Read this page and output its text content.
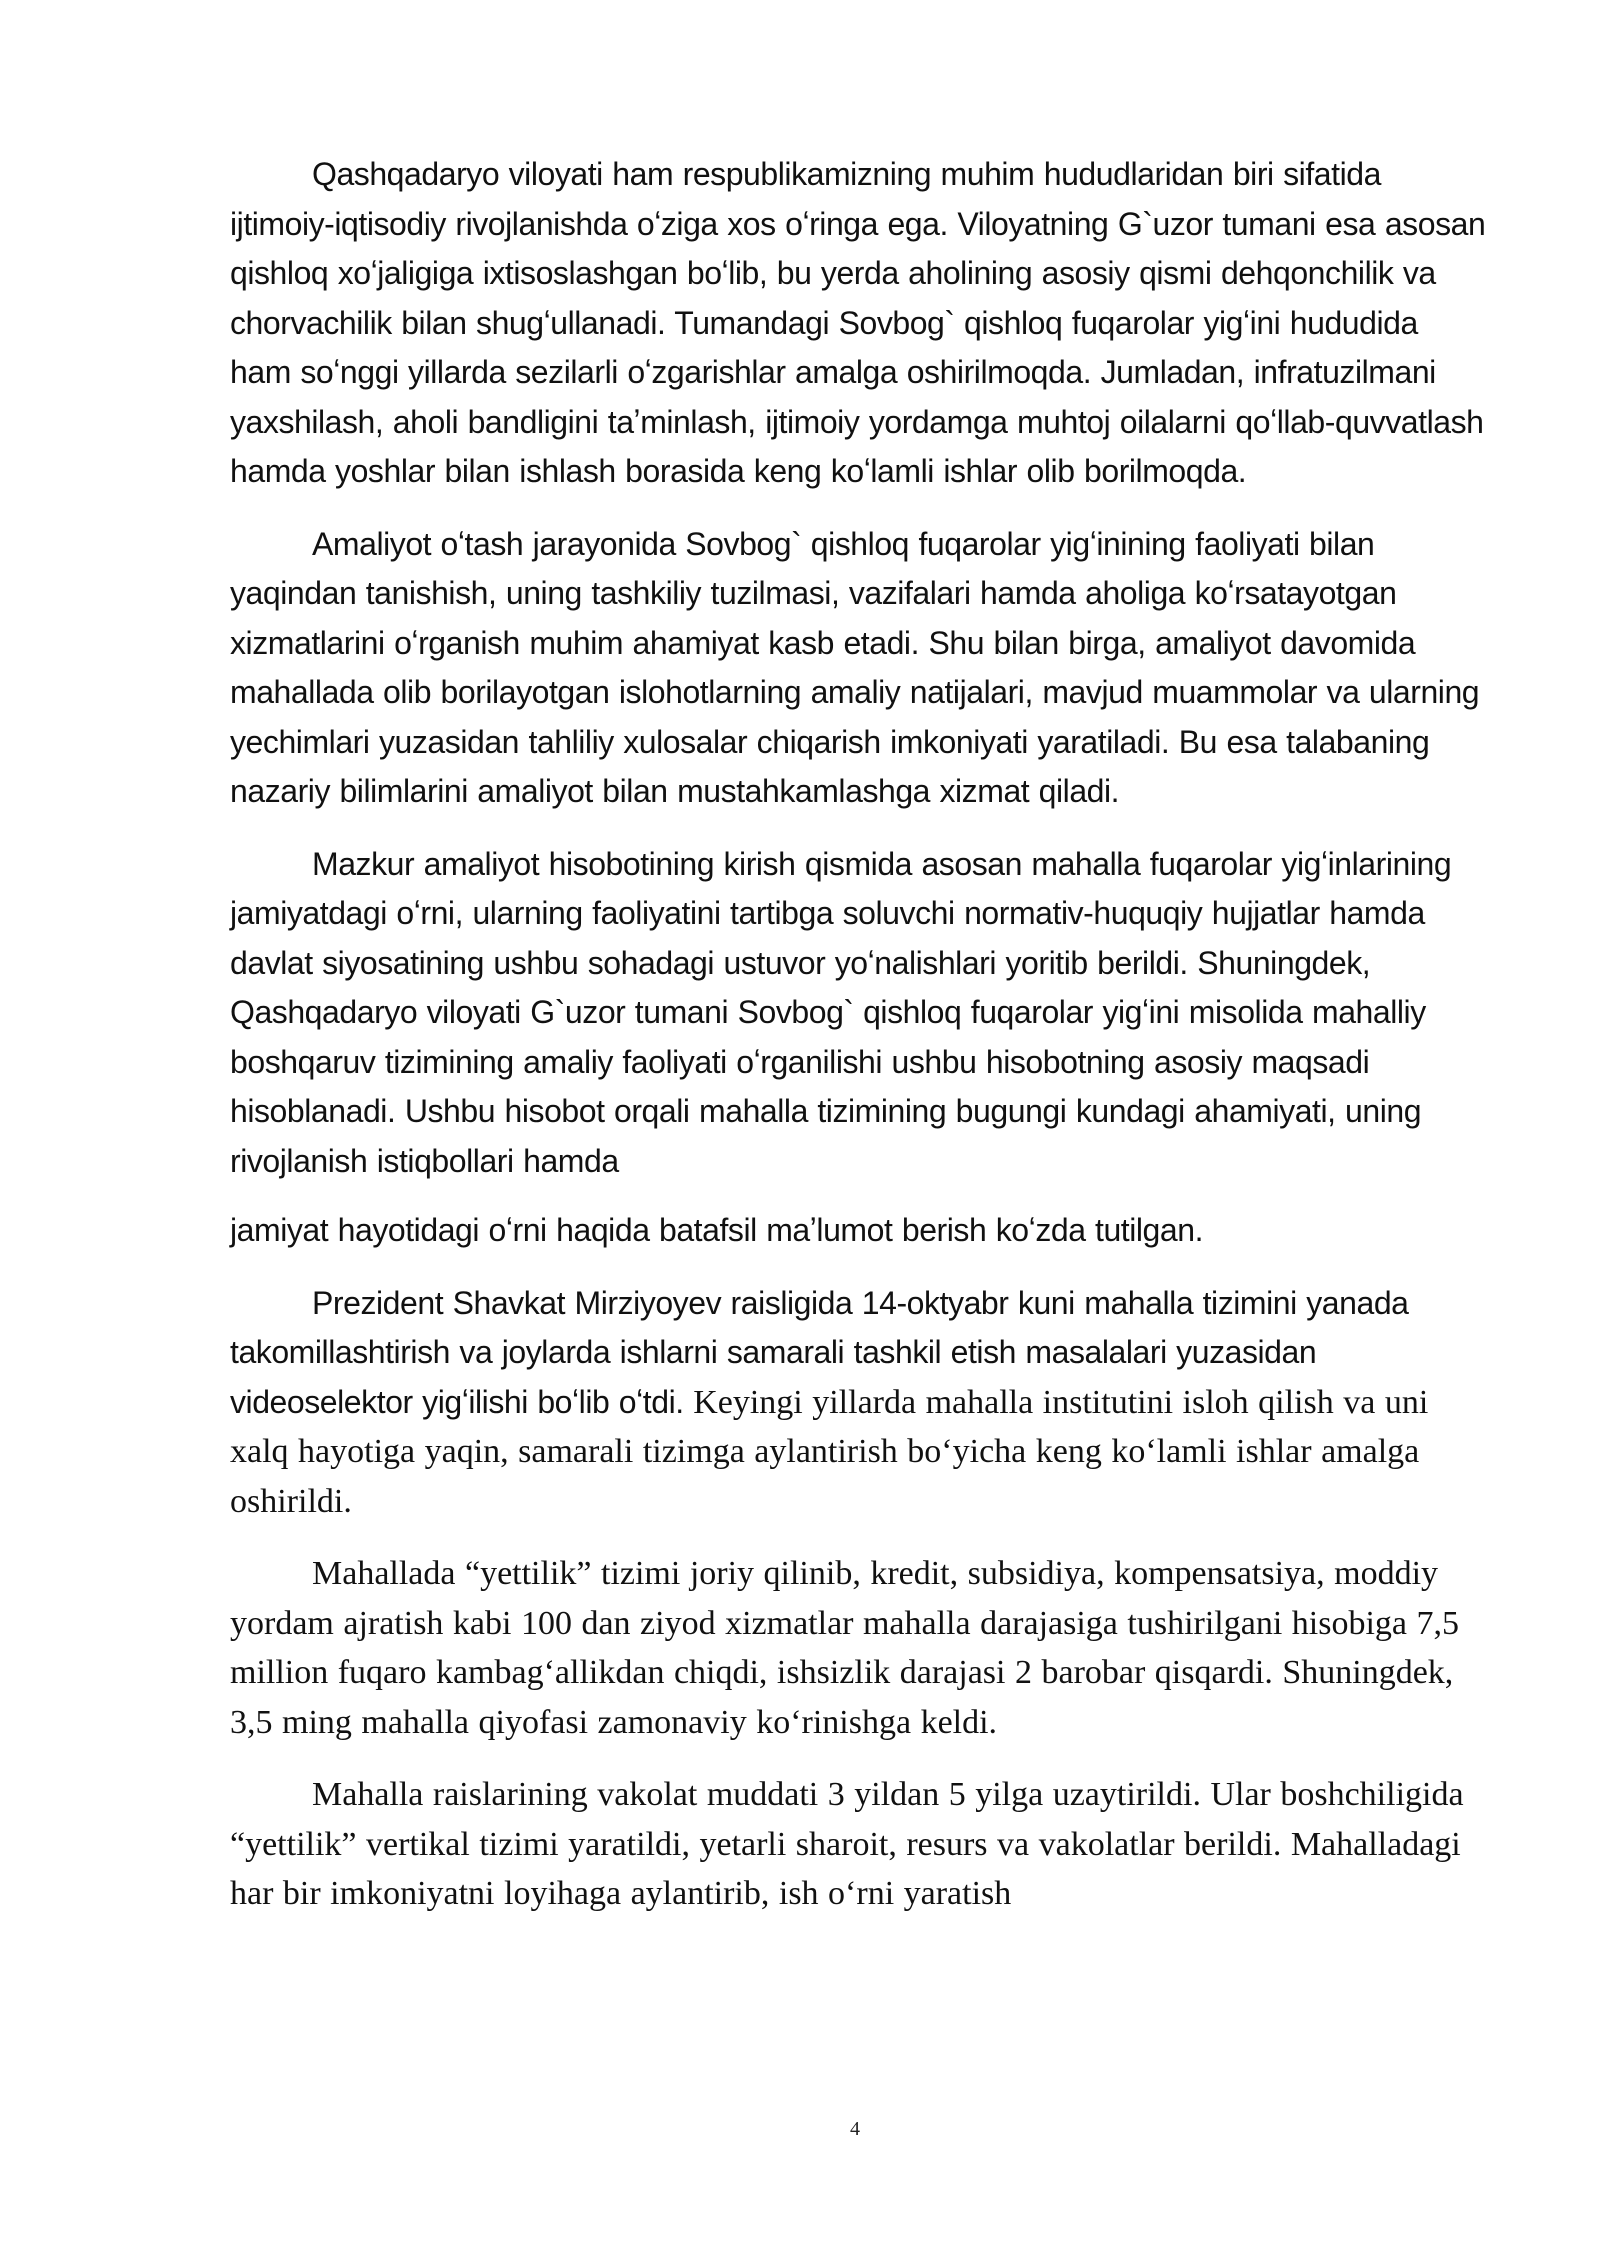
Qashqadaryo viloyati ham respublikamizning muhim hududlaridan biri sifatida ijtimoiy-iqtisodiy rivojlanishda oʻziga xos oʻringa ega. Viloyatning G`uzor tumani esa asosan qishloq xoʻjaligiga ixtisoslashgan boʻlib, bu yerda aholining asosiy qismi dehqonchilik va chorvachilik bilan shugʻullanadi. Tumandagi Sovbog` qishloq fuqarolar yigʻini hududida ham soʻnggi yillarda sezilarli oʻzgarishlar amalga oshirilmoqda. Jumladan, infratuzilmani yaxshilash, aholi bandligini taʼminlash, ijtimoiy yordamga muhtoj oilalarni qoʻllab-quvvatlash hamda yoshlar bilan ishlash borasida keng koʻlamli ishlar olib borilmoqda.

Amaliyot oʻtash jarayonida Sovbog` qishloq fuqarolar yigʻinining faoliyati bilan yaqindan tanishish, uning tashkiliy tuzilmasi, vazifalari hamda aholiga koʻrsatayotgan xizmatlarini oʻrganish muhim ahamiyat kasb etadi. Shu bilan birga, amaliyot davomida mahallada olib borilayotgan islohotlarning amaliy natijalari, mavjud muammolar va ularning yechimlari yuzasidan tahliliy xulosalar chiqarish imkoniyati yaratiladi. Bu esa talabaning nazariy bilimlarini amaliyot bilan mustahkamlashga xizmat qiladi.

Mazkur amaliyot hisobotining kirish qismida asosan mahalla fuqarolar yigʻinlarining jamiyatdagi oʻrni, ularning faoliyatini tartibga soluvchi normativ-huquqiy hujjatlar hamda davlat siyosatining ushbu sohadagi ustuvor yoʻnalishlari yoritib berildi. Shuningdek, Qashqadaryo viloyati G`uzor tumani Sovbog` qishloq fuqarolar yigʻini misolida mahalliy boshqaruv tizimining amaliy faoliyati oʻrganilishi ushbu hisobotning asosiy maqsadi hisoblanadi. Ushbu hisobot orqali mahalla tizimining bugungi kundagi ahamiyati, uning rivojlanish istiqbollari hamda
jamiyat hayotidagi oʻrni haqida batafsil maʼlumot berish koʻzda tutilgan.

Prezident Shavkat Mirziyoyev raisligida 14-oktyabr kuni mahalla tizimini yanada takomillashtirish va joylarda ishlarni samarali tashkil etish masalalari yuzasidan videoselektor yigʻilishi boʻlib oʻtdi. Keyingi yillarda mahalla institutini isloh qilish va uni xalq hayotiga yaqin, samarali tizimga aylantirish boʻyicha keng koʻlamli ishlar amalga oshirildi.

Mahallada “yettilik” tizimi joriy qilinib, kredit, subsidiya, kompensatsiya, moddiy yordam ajratish kabi 100 dan ziyod xizmatlar mahalla darajasiga tushirilgani hisobiga 7,5 million fuqaro kambagʻallikdan chiqdi, ishsizlik darajasi 2 barobar qisqardi. Shuningdek, 3,5 ming mahalla qiyofasi zamonaviy koʻrinishga keldi.

Mahalla raislarining vakolat muddati 3 yildan 5 yilga uzaytirildi. Ular boshchiligida “yettilik” vertikal tizimi yaratildi, yetarli sharoit, resurs va vakolatlar berildi. Mahalladagi har bir imkoniyatni loyihaga aylantirib, ish oʻrni yaratish

4
